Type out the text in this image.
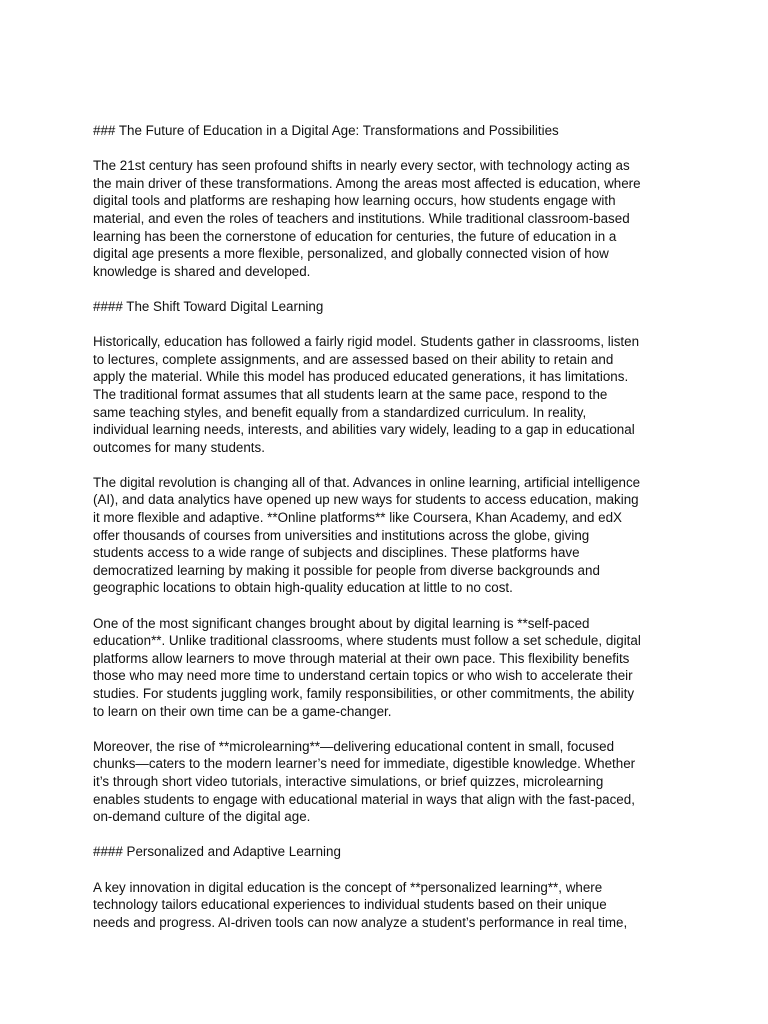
### The Future of Education in a Digital Age: Transformations and Possibilities

The 21st century has seen profound shifts in nearly every sector, with technology acting as
the main driver of these transformations. Among the areas most affected is education, where
digital tools and platforms are reshaping how learning occurs, how students engage with
material, and even the roles of teachers and institutions. While traditional classroom-based
learning has been the cornerstone of education for centuries, the future of education in a
digital age presents a more flexible, personalized, and globally connected vision of how
knowledge is shared and developed.

#### The Shift Toward Digital Learning

Historically, education has followed a fairly rigid model. Students gather in classrooms, listen
to lectures, complete assignments, and are assessed based on their ability to retain and
apply the material. While this model has produced educated generations, it has limitations.
The traditional format assumes that all students learn at the same pace, respond to the
same teaching styles, and benefit equally from a standardized curriculum. In reality,
individual learning needs, interests, and abilities vary widely, leading to a gap in educational
outcomes for many students.

The digital revolution is changing all of that. Advances in online learning, artificial intelligence
(AI), and data analytics have opened up new ways for students to access education, making
it more flexible and adaptive. **Online platforms** like Coursera, Khan Academy, and edX
offer thousands of courses from universities and institutions across the globe, giving
students access to a wide range of subjects and disciplines. These platforms have
democratized learning by making it possible for people from diverse backgrounds and
geographic locations to obtain high-quality education at little to no cost.

One of the most significant changes brought about by digital learning is **self-paced
education**. Unlike traditional classrooms, where students must follow a set schedule, digital
platforms allow learners to move through material at their own pace. This flexibility benefits
those who may need more time to understand certain topics or who wish to accelerate their
studies. For students juggling work, family responsibilities, or other commitments, the ability
to learn on their own time can be a game-changer.

Moreover, the rise of **microlearning**—delivering educational content in small, focused
chunks—caters to the modern learner’s need for immediate, digestible knowledge. Whether
it’s through short video tutorials, interactive simulations, or brief quizzes, microlearning
enables students to engage with educational material in ways that align with the fast-paced,
on-demand culture of the digital age.

#### Personalized and Adaptive Learning

A key innovation in digital education is the concept of **personalized learning**, where
technology tailors educational experiences to individual students based on their unique
needs and progress. AI-driven tools can now analyze a student’s performance in real time,
